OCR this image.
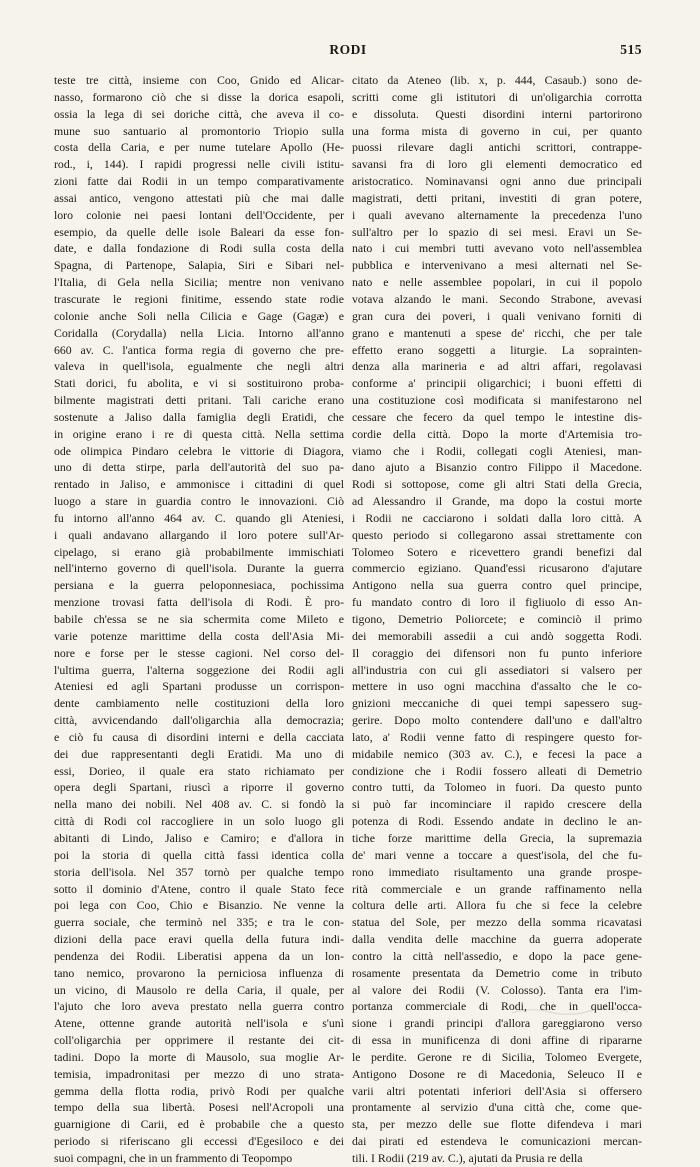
RODI	515
teste tre città, insieme con Coo, Gnido ed Alicar-
nasso, formarono ciò che si disse la dorica esapoli,
ossia la lega di sei doriche città, che aveva il co-
mune suo santuario al promontorio Triopio sulla
costa della Caria, e per nume tutelare Apollo (He-
rod., i, 144). I rapidi progressi nelle civili istitu-
zioni fatte dai Rodii in un tempo comparativamente
assai antico, vengono attestati più che mai dalle
loro colonie nei paesi lontani dell'Occidente, per
esempio, da quelle delle isole Baleari da esse fon-
date, e dalla fondazione di Rodi sulla costa della
Spagna, di Partenope, Salapia, Siri e Sibari nel-
l'Italia, di Gela nella Sicilia; mentre non venivano
trascurate le regioni finitime, essendo state rodie
colonie anche Soli nella Cilicia e Gage (Gagæ) e
Coridalla (Corydalla) nella Licia. Intorno all'anno
660 av. C. l'antica forma regia di governo che pre-
valeva in quell'isola, egualmente che negli altri
Stati dorici, fu abolita, e vi si sostituirono proba-
bilmente magistrati detti pritani. Tali cariche erano
sostenute a Jaliso dalla famiglia degli Eratidi, che
in origine erano i re di questa città. Nella settima
ode olimpica Pindaro celebra le vittorie di Diagora,
uno di detta stirpe, parla dell'autorità del suo pa-
rentado in Jaliso, e ammonisce i cittadini di quel
luogo a stare in guardia contro le innovazioni. Ciò
fu intorno all'anno 464 av. C. quando gli Ateniesi,
i quali andavano allargando il loro potere sull'Ar-
cipelago, si erano già probabilmente immischiati
nell'interno governo di quell'isola. Durante la guerra
persiana e la guerra peloponnesiaca, pochissima
menzione trovasi fatta dell'isola di Rodi. È pro-
babile ch'essa se ne sia schermita come Mileto e
varie potenze marittime della costa dell'Asia Mi-
nore e forse per le stesse cagioni. Nel corso del-
l'ultima guerra, l'alterna soggezione dei Rodii agli
Ateniesi ed agli Spartani produsse un corrispon-
dente cambiamento nelle costituzioni della loro
città, avvicendando dall'oligarchia alla democrazia;
e ciò fu causa di disordini interni e della cacciata
dei due rappresentanti degli Eratidi. Ma uno di
essi, Dorieo, il quale era stato richiamato per
opera degli Spartani, riuscì a riporre il governo
nella mano dei nobili. Nel 408 av. C. si fondò la
città di Rodi col raccogliere in un solo luogo gli
abitanti di Lindo, Jaliso e Camiro; e d'allora in
poi la storia di quella città fassi identica colla
storia dell'isola. Nel 357 tornò per qualche tempo
sotto il dominio d'Atene, contro il quale Stato fece
poi lega con Coo, Chio e Bisanzio. Ne venne la
guerra sociale, che terminò nel 335; e tra le con-
dizioni della pace eravi quella della futura indi-
pendenza dei Rodii. Liberatisi appena da un lon-
tano nemico, provarono la perniciosa influenza di
un vicino, di Mausolo re della Caria, il quale, per
l'ajuto che loro aveva prestato nella guerra contro
Atene, ottenne grande autorità nell'isola e s'unì
coll'oligarchia per opprimere il restante dei cit-
tadini. Dopo la morte di Mausolo, sua moglie Ar-
temisia, impadronitasi per mezzo di uno strata-
gemma della flotta rodia, privò Rodi per qualche
tempo della sua libertà. Posesi nell'Acropoli una
guarnigione di Carii, ed è probabile che a questo
periodo si riferiscano gli eccessi d'Egesiloco e dei
suoi compagni, che in un frammento di Teopompo
citato da Ateneo (lib. x, p. 444, Casaub.) sono de-
scritti come gli istitutori di un'oligarchia corrotta
e dissoluta. Questi disordini interni partorirono
una forma mista di governo in cui, per quanto
puossi rilevare dagli antichi scrittori, contrappe-
savansi fra di loro gli elementi democratico ed
aristocratico. Nominavansi ogni anno due principali
magistrati, detti pritani, investiti di gran potere,
i quali avevano alternamente la precedenza l'uno
sull'altro per lo spazio di sei mesi. Eravi un Se-
nato i cui membri tutti avevano voto nell'assemblea
pubblica e intervenivano a mesi alternati nel Se-
nato e nelle assemblee popolari, in cui il popolo
votava alzando le mani. Secondo Strabone, avevasi
gran cura dei poveri, i quali venivano forniti di
grano e mantenuti a spese de' ricchi, che per tale
effetto erano soggetti a liturgie. La soprainten-
denza alla marineria e ad altri affari, regolavasi
conforme a' principii oligarchici; i buoni effetti di
una costituzione così modificata si manifestarono nel
cessare che fecero da quel tempo le intestine dis-
cordie della città. Dopo la morte d'Artemisia tro-
viamo che i Rodii, collegati cogli Ateniesi, man-
dano ajuto a Bisanzio contro Filippo il Macedone.
Rodi si sottopose, come gli altri Stati della Grecia,
ad Alessandro il Grande, ma dopo la costui morte
i Rodii ne cacciarono i soldati dalla loro città. A
questo periodo si collegarono assai strettamente con
Tolomeo Sotero e ricevettero grandi benefizi dal
commercio egiziano. Quand'essi ricusarono d'ajutare
Antigono nella sua guerra contro quel principe,
fu mandato contro di loro il figliuolo di esso An-
tigono, Demetrio Poliorcete; e cominciò il primo
dei memorabili assedii a cui andò soggetta Rodi.
Il coraggio dei difensori non fu punto inferiore
all'industria con cui gli assediatori si valsero per
mettere in uso ogni macchina d'assalto che le co-
gnizioni meccaniche di quei tempi sapessero sug-
gerire. Dopo molto contendere dall'uno e dall'altro
lato, a' Rodii venne fatto di respingere questo for-
midabile nemico (303 av. C.), e fecesi la pace a
condizione che i Rodii fossero alleati di Demetrio
contro tutti, da Tolomeo in fuori. Da questo punto
si può far incominciare il rapido crescere della
potenza di Rodi. Essendo andate in declino le an-
tiche forze marittime della Grecia, la supremazia
de' mari venne a toccare a quest'isola, del che fu-
rono immediato risultamento una grande prospe-
rità commerciale e un grande raffinamento nella
coltura delle arti. Allora fu che si fece la celebre
statua del Sole, per mezzo della somma ricavatasi
dalla vendita delle macchine da guerra adoperate
contro la città nell'assedio, e dopo la pace gene-
rosamente presentata da Demetrio come in tributo
al valore dei Rodii (V. Colosso). Tanta era l'im-
portanza commerciale di Rodi, che in quell'occa-
sione i grandi principi d'allora gareggiarono verso
di essa in munificenza di doni affine di ripararne
le perdite. Gerone re di Sicilia, Tolomeo Evergete,
Antigono Dosone re di Macedonia, Seleuco II e
varii altri potentati inferiori dell'Asia si offersero
prontamente al servizio d'una città che, come que-
sta, per mezzo delle sue flotte difendeva i mari
dai pirati ed estendeva le comunicazioni mercan-
tili. I Rodii (219 av. C.), ajutati da Prusia re della
